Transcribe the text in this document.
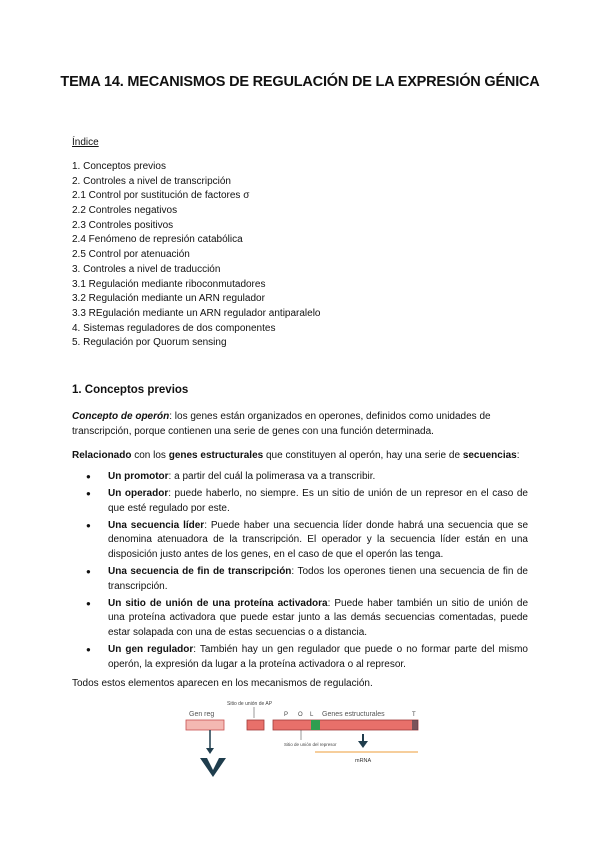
TEMA 14. MECANISMOS DE REGULACIÓN DE LA EXPRESIÓN GÉNICA
Índice
1. Conceptos previos
2. Controles a nivel de transcripción
2.1 Control por sustitución de factores σ
2.2 Controles negativos
2.3 Controles positivos
2.4 Fenómeno de represión catabólica
2.5 Control por atenuación
3. Controles a nivel de traducción
3.1 Regulación mediante riboconmutadores
3.2 Regulación mediante un ARN regulador
3.3 REgulación mediante un ARN regulador antiparalelo
4. Sistemas reguladores de dos componentes
5. Regulación por Quorum sensing
1. Conceptos previos

Concepto de operón: los genes están organizados en operones, definidos como unidades de transcripción, porque contienen una serie de genes con una función determinada.

Relacionado con los genes estructurales que constituyen al operón, hay una serie de secuencias:

● Un promotor: a partir del cuál la polimerasa va a transcribir.
● Un operador: puede haberlo, no siempre. Es un sitio de unión de un represor en el caso de que esté regulado por este.
● Una secuencia líder: Puede haber una secuencia líder donde habrá una secuencia que se denomina atenuadora de la transcripción. El operador y la secuencia líder están en una disposición justo antes de los genes, en el caso de que el operón las tenga.
● Una secuencia de fin de transcripción: Todos los operones tienen una secuencia de fin de transcripción.
● Un sitio de unión de una proteína activadora: Puede haber también un sitio de unión de una proteína activadora que puede estar junto a las demás secuencias comentadas, puede estar solapada con una de estas secuencias o a distancia.
● Un gen regulador: También hay un gen regulador que puede o no formar parte del mismo operón, la expresión da lugar a la proteína activadora o al represor.

Todos estos elementos aparecen en los mecanismos de regulación.

Gen reg
Sitio de unión de AP
P O L Genes estructurales	T
Sitio de unión del represor
mRNA
